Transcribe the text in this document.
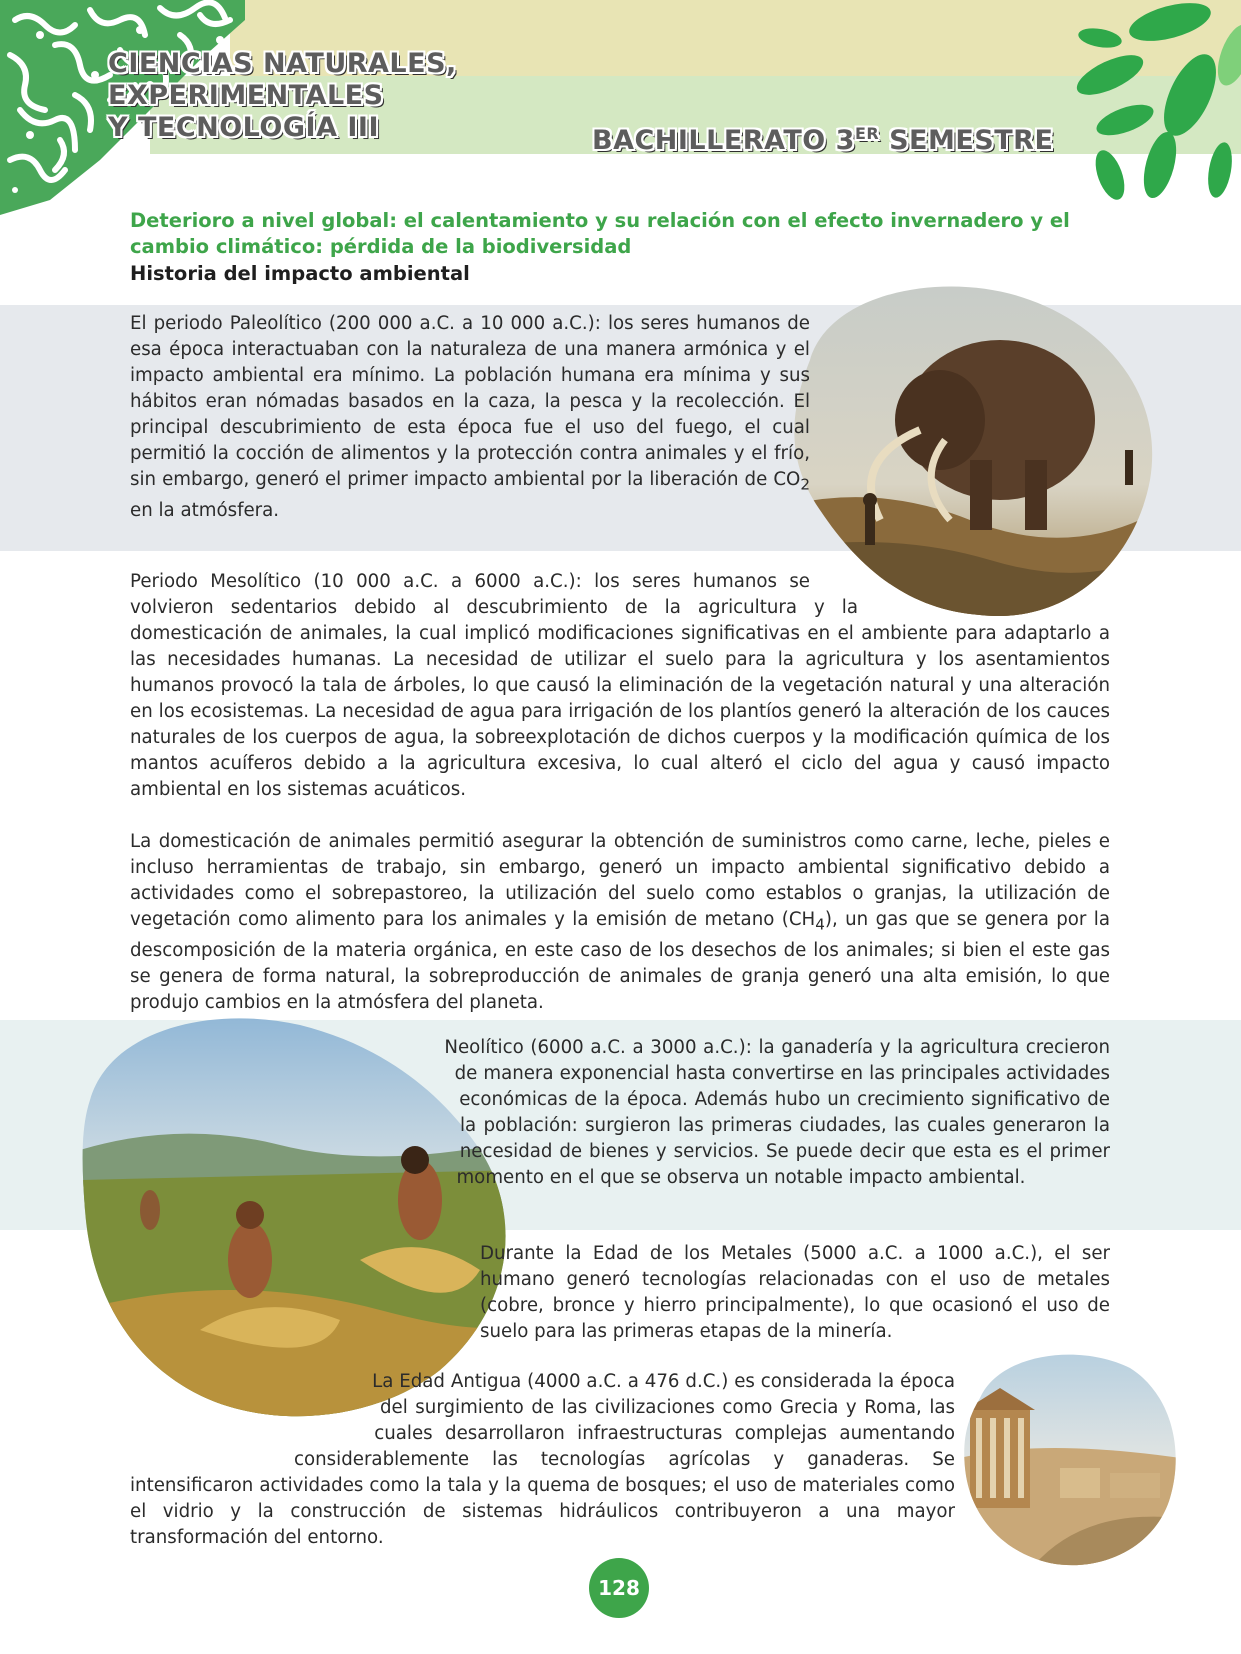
CIENCIAS NATURALES,
EXPERIMENTALES
Y TECNOLOGÍA III	BACHILLERATO 3ER SEMESTRE
Deterioro a nivel global: el calentamiento y su relación con el efecto invernadero y el cambio climático: pérdida de la biodiversidad
Historia del impacto ambiental

El periodo Paleolítico (200 000 a.C. a 10 000 a.C.): los seres humanos de esa época interactuaban con la naturaleza de una manera armónica y el impacto ambiental era mínimo. La población humana era mínima y sus hábitos eran nómadas basados en la caza, la pesca y la recolección. El principal descubrimiento de esta época fue el uso del fuego, el cual permitió la cocción de alimentos y la protección contra animales y el frío, sin embargo, generó el primer impacto ambiental por la liberación de $CO_2$ en la atmósfera.

Periodo Mesolítico (10 000 a.C. a 6000 a.C.): los seres humanos se volvieron sedentarios debido al descubrimiento de la agricultura y la domesticación de animales, la cual implicó modificaciones significativas en el ambiente para adaptarlo a las necesidades humanas. La necesidad de utilizar el suelo para la agricultura y los asentamientos humanos provocó la tala de árboles, lo que causó la eliminación de la vegetación natural y una alteración en los ecosistemas. La necesidad de agua para irrigación de los plantíos generó la alteración de los cauces naturales de los cuerpos de agua, la sobreexplotación de dichos cuerpos y la modificación química de los mantos acuíferos debido a la agricultura excesiva, lo cual alteró el ciclo del agua y causó impacto ambiental en los sistemas acuáticos.

La domesticación de animales permitió asegurar la obtención de suministros como carne, leche, pieles e incluso herramientas de trabajo, sin embargo, generó un impacto ambiental significativo debido a actividades como el sobrepastoreo, la utilización del suelo como establos o granjas, la utilización de vegetación como alimento para los animales y la emisión de metano $(CH_4)$, un gas que se genera por la descomposición de la materia orgánica, en este caso de los desechos de los animales; si bien el este gas se genera de forma natural, la sobreproducción de animales de granja generó una alta emisión, lo que produjo cambios en la atmósfera del planeta.

Neolítico (6000 a.C. a 3000 a.C.): la ganadería y la agricultura crecieron de manera exponencial hasta convertirse en las principales actividades económicas de la época. Además hubo un crecimiento significativo de la población: surgieron las primeras ciudades, las cuales generaron la necesidad de bienes y servicios. Se puede decir que esta es el primer momento en el que se observa un notable impacto ambiental.

Durante la Edad de los Metales (5000 a.C. a 1000 a.C.), el ser humano generó tecnologías relacionadas con el uso de metales (cobre, bronce y hierro principalmente), lo que ocasionó el uso de suelo para las primeras etapas de la minería.

La Edad Antigua (4000 a.C. a 476 d.C.) es considerada la época del surgimiento de las civilizaciones como Grecia y Roma, las cuales desarrollaron infraestructuras complejas aumentando considerablemente las tecnologías agrícolas y ganaderas. Se intensificaron actividades como la tala y la quema de bosques; el uso de materiales como el vidrio y la construcción de sistemas hidráulicos contribuyeron a una mayor transformación del entorno.

128
